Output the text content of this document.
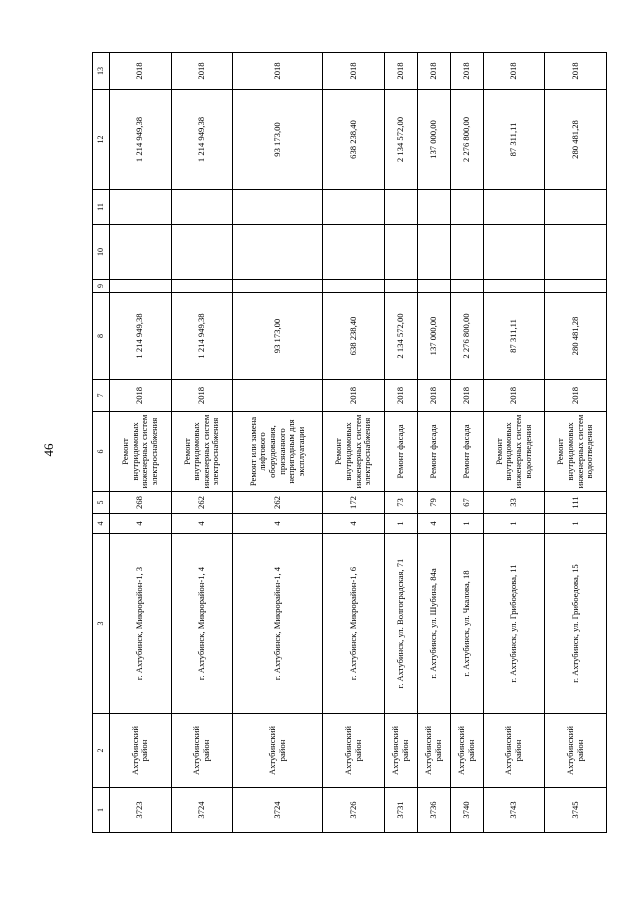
46
1	2	3	4	5	6	7	8	9	10	11	12	13
3723	Ахтубинский район	г. Ахтубинск, Микрорайон-1, 3	4	268	Ремонт внутридомовых инженерных систем электроснабжения	2018	1 214 949,38				1 214 949,38	2018
3724	Ахтубинский район	г. Ахтубинск, Микрорайон-1, 4	4	262	Ремонт внутридомовых инженерных систем электроснабжения	2018	1 214 949,38				1 214 949,38	2018
3724	Ахтубинский район	г. Ахтубинск, Микрорайон-1, 4	4	262	Ремонт или замена лифтового оборудования, признанного непригодным для эксплуатации		93 173,00				93 173,00	2018
3726	Ахтубинский район	г. Ахтубинск, Микрорайон-1, 6	4	172	Ремонт внутридомовых инженерных систем электроснабжения	2018	638 238,40				638 238,40	2018
3731	Ахтубинский район	г. Ахтубинск, ул. Волгоградская, 71	1	73	Ремонт фасада	2018	2 134 572,00				2 134 572,00	2018
3736	Ахтубинский район	г. Ахтубинск, ул. Шубина, 84а	4	79	Ремонт фасада	2018	137 000,00				137 000,00	2018
3740	Ахтубинский район	г. Ахтубинск, ул. Чкалова, 18	1	67	Ремонт фасада	2018	2 276 800,00				2 276 800,00	2018
3743	Ахтубинский район	г. Ахтубинск, ул. Грибоедова, 11	1	33	Ремонт внутридомовых инженерных систем водоотведения	2018	87 311,11				87 311,11	2018
3745	Ахтубинский район	г. Ахтубинск, ул. Грибоедова, 15	1	111	Ремонт внутридомовых инженерных систем водоотведения	2018	280 481,28				280 481,28	2018
